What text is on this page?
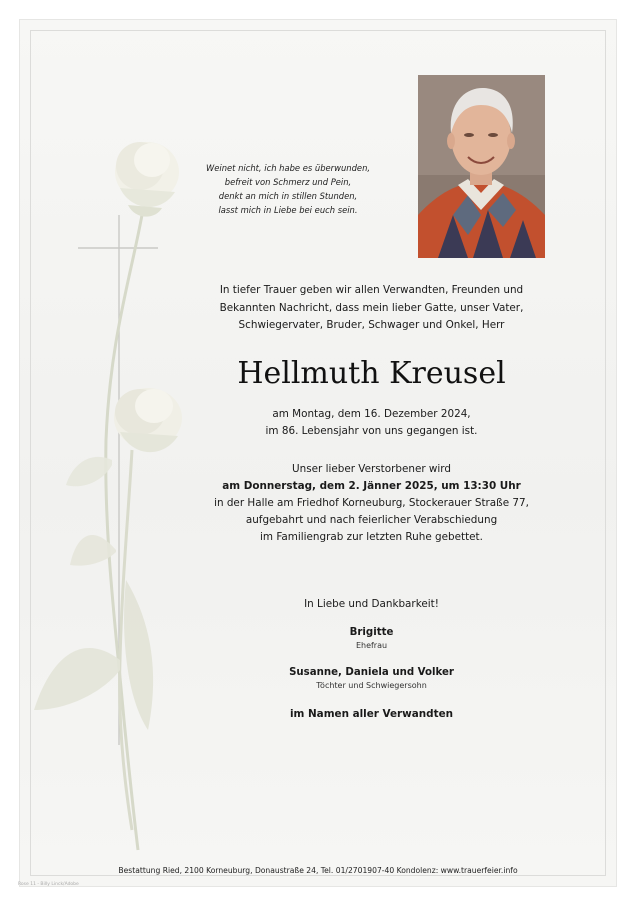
Weinet nicht, ich habe es überwunden,
befreit von Schmerz und Pein,
denkt an mich in stillen Stunden,
lasst mich in Liebe bei euch sein.
In tiefer Trauer geben wir allen Verwandten, Freunden und
Bekannten Nachricht, dass mein lieber Gatte, unser Vater,
Schwiegervater, Bruder, Schwager und Onkel, Herr
Hellmuth Kreusel
am Montag, dem 16. Dezember 2024,
im 86. Lebensjahr von uns gegangen ist.
Unser lieber Verstorbener wird
am Donnerstag, dem 2. Jänner 2025, um 13:30 Uhr
in der Halle am Friedhof Korneuburg, Stockerauer Straße 77,
aufgebahrt und nach feierlicher Verabschiedung
im Familiengrab zur letzten Ruhe gebettet.
In Liebe und Dankbarkeit!
Brigitte
Ehefrau
Susanne, Daniela und Volker
Töchter und Schwiegersohn
im Namen aller Verwandten
Bestattung Ried, 2100 Korneuburg, Donaustraße 24, Tel. 01/2701907-40 Kondolenz: www.trauerfeier.info
Rose 11 - Billy Linck/Adobe
